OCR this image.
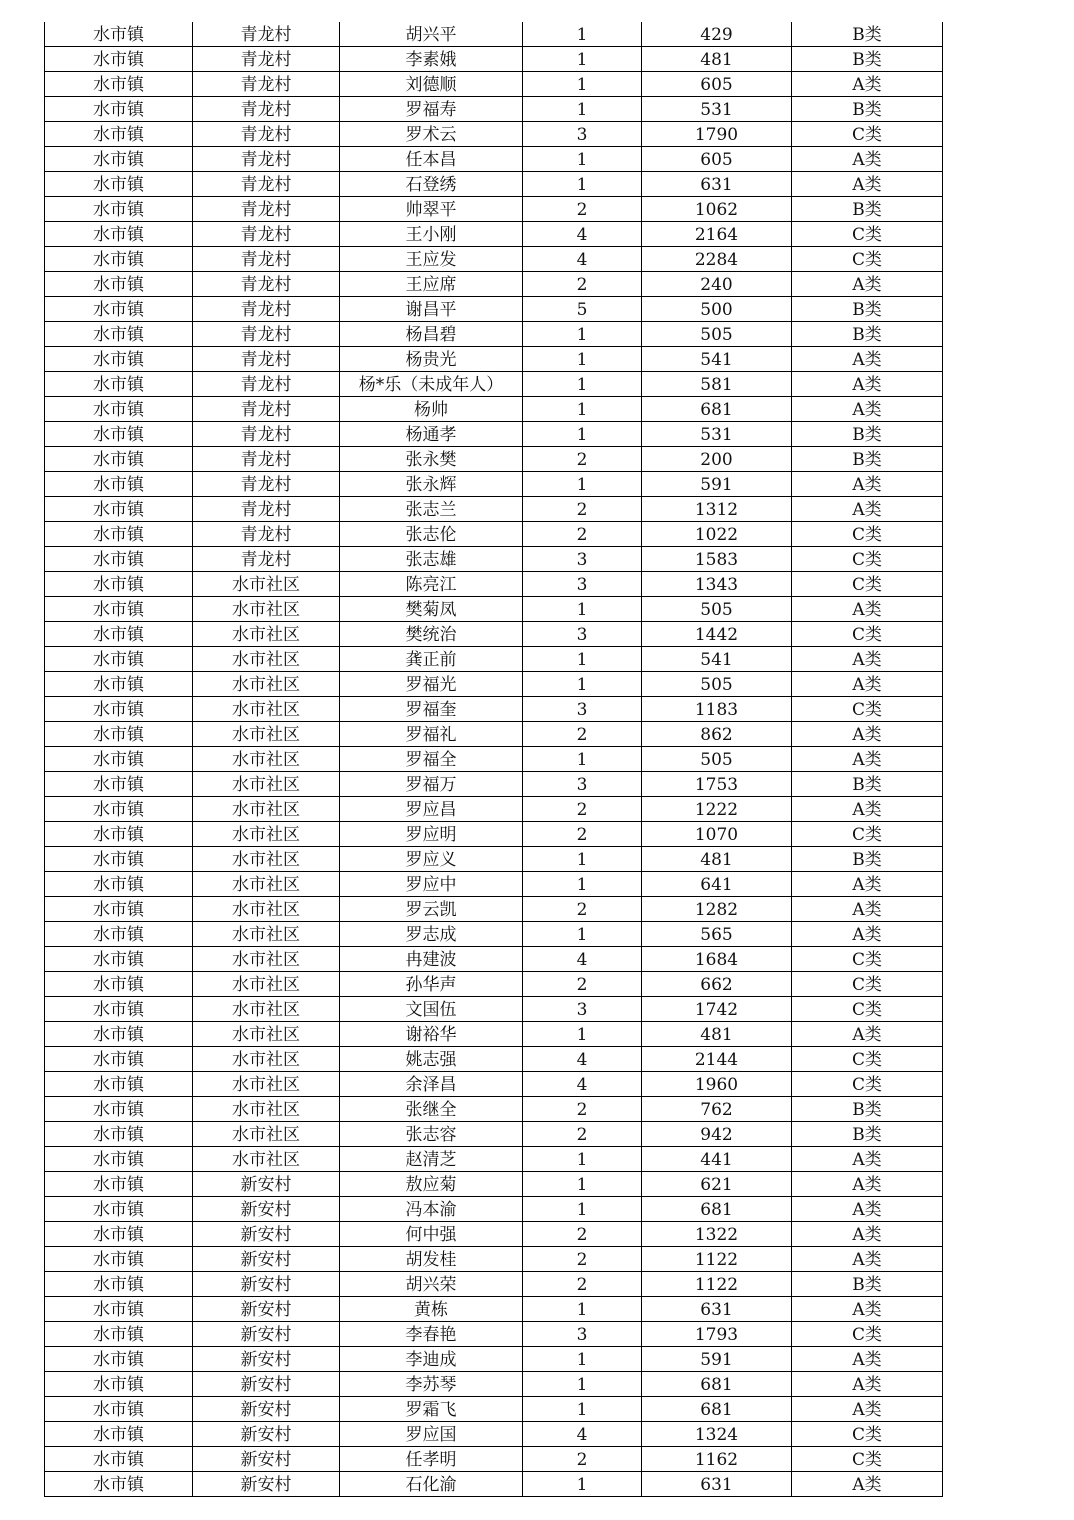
水市镇	青龙村	胡兴平	1	429	B类
水市镇	青龙村	李素娥	1	481	B类
水市镇	青龙村	刘德顺	1	605	A类
水市镇	青龙村	罗福寿	1	531	B类
水市镇	青龙村	罗术云	3	1790	C类
水市镇	青龙村	任本昌	1	605	A类
水市镇	青龙村	石登绣	1	631	A类
水市镇	青龙村	帅翠平	2	1062	B类
水市镇	青龙村	王小刚	4	2164	C类
水市镇	青龙村	王应发	4	2284	C类
水市镇	青龙村	王应席	2	240	A类
水市镇	青龙村	谢昌平	5	500	B类
水市镇	青龙村	杨昌碧	1	505	B类
水市镇	青龙村	杨贵光	1	541	A类
水市镇	青龙村	杨*乐（未成年人）	1	581	A类
水市镇	青龙村	杨帅	1	681	A类
水市镇	青龙村	杨通孝	1	531	B类
水市镇	青龙村	张永樊	2	200	B类
水市镇	青龙村	张永辉	1	591	A类
水市镇	青龙村	张志兰	2	1312	A类
水市镇	青龙村	张志伦	2	1022	C类
水市镇	青龙村	张志雄	3	1583	C类
水市镇	水市社区	陈亮江	3	1343	C类
水市镇	水市社区	樊菊凤	1	505	A类
水市镇	水市社区	樊统治	3	1442	C类
水市镇	水市社区	龚正前	1	541	A类
水市镇	水市社区	罗福光	1	505	A类
水市镇	水市社区	罗福奎	3	1183	C类
水市镇	水市社区	罗福礼	2	862	A类
水市镇	水市社区	罗福全	1	505	A类
水市镇	水市社区	罗福万	3	1753	B类
水市镇	水市社区	罗应昌	2	1222	A类
水市镇	水市社区	罗应明	2	1070	C类
水市镇	水市社区	罗应义	1	481	B类
水市镇	水市社区	罗应中	1	641	A类
水市镇	水市社区	罗云凯	2	1282	A类
水市镇	水市社区	罗志成	1	565	A类
水市镇	水市社区	冉建波	4	1684	C类
水市镇	水市社区	孙华声	2	662	C类
水市镇	水市社区	文国伍	3	1742	C类
水市镇	水市社区	谢裕华	1	481	A类
水市镇	水市社区	姚志强	4	2144	C类
水市镇	水市社区	余泽昌	4	1960	C类
水市镇	水市社区	张继全	2	762	B类
水市镇	水市社区	张志容	2	942	B类
水市镇	水市社区	赵清芝	1	441	A类
水市镇	新安村	敖应菊	1	621	A类
水市镇	新安村	冯本渝	1	681	A类
水市镇	新安村	何中强	2	1322	A类
水市镇	新安村	胡发桂	2	1122	A类
水市镇	新安村	胡兴荣	2	1122	B类
水市镇	新安村	黄栋	1	631	A类
水市镇	新安村	李春艳	3	1793	C类
水市镇	新安村	李迪成	1	591	A类
水市镇	新安村	李苏琴	1	681	A类
水市镇	新安村	罗霜飞	1	681	A类
水市镇	新安村	罗应国	4	1324	C类
水市镇	新安村	任孝明	2	1162	C类
水市镇	新安村	石化渝	1	631	A类
